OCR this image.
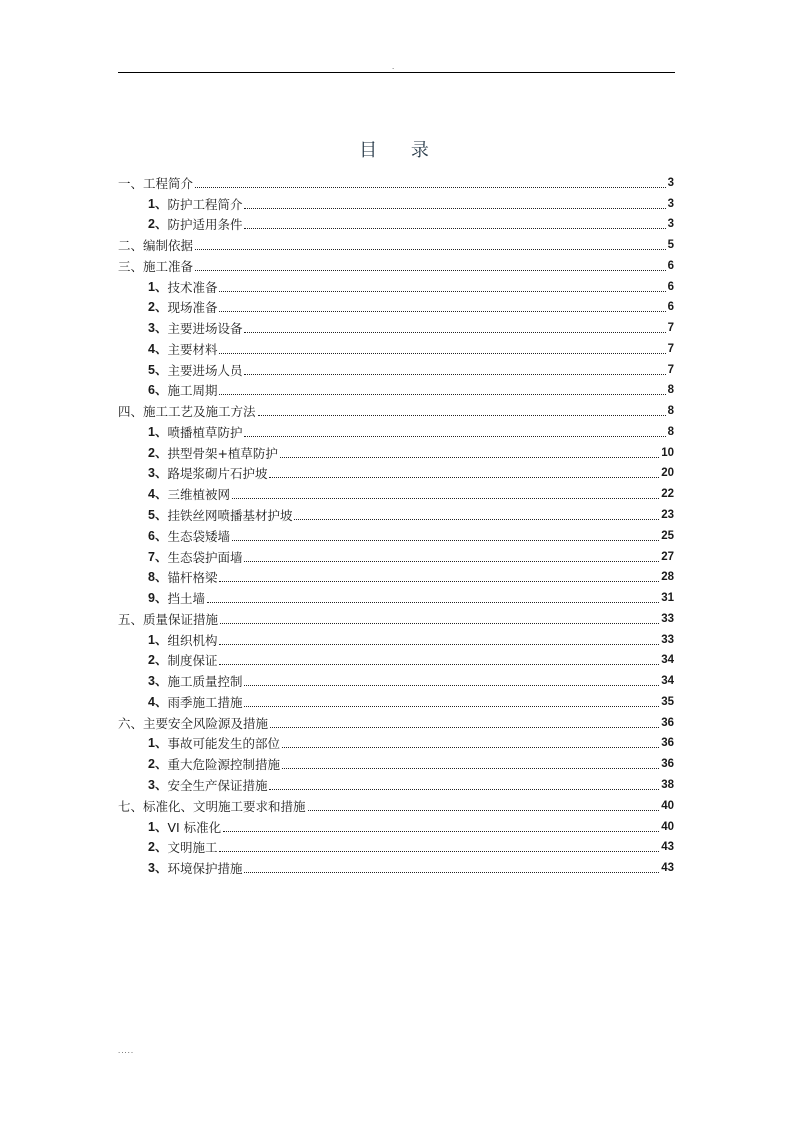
.
目 录
一、 工程简介	3
1、 防护工程简介	3
2、 防护适用条件	3
二、 编制依据	5
三、 施工准备	6
1、 技术准备	6
2、 现场准备	6
3、 主要进场设备	7
4、 主要材料	7
5、 主要进场人员	7
6、 施工周期	8
四、 施工工艺及施工方法	8
1、 喷播植草防护	8
2、 拱型骨架+植草防护	10
3、 路堤浆砌片石护坡	20
4、 三维植被网	22
5、 挂铁丝网喷播基材护坡	23
6、 生态袋矮墙	25
7、 生态袋护面墙	27
8、 锚杆格梁	28
9、 挡土墙	31
五、 质量保证措施	33
1、 组织机构	33
2、 制度保证	34
3、 施工质量控制	34
4、 雨季施工措施	35
六、 主要安全风险源及措施	36
1、 事故可能发生的部位	36
2、 重大危险源控制措施	36
3、 安全生产保证措施	38
七、 标准化、文明施工要求和措施	40
1、 VI 标准化	40
2、 文明施工	43
3、 环境保护措施	43
.....
